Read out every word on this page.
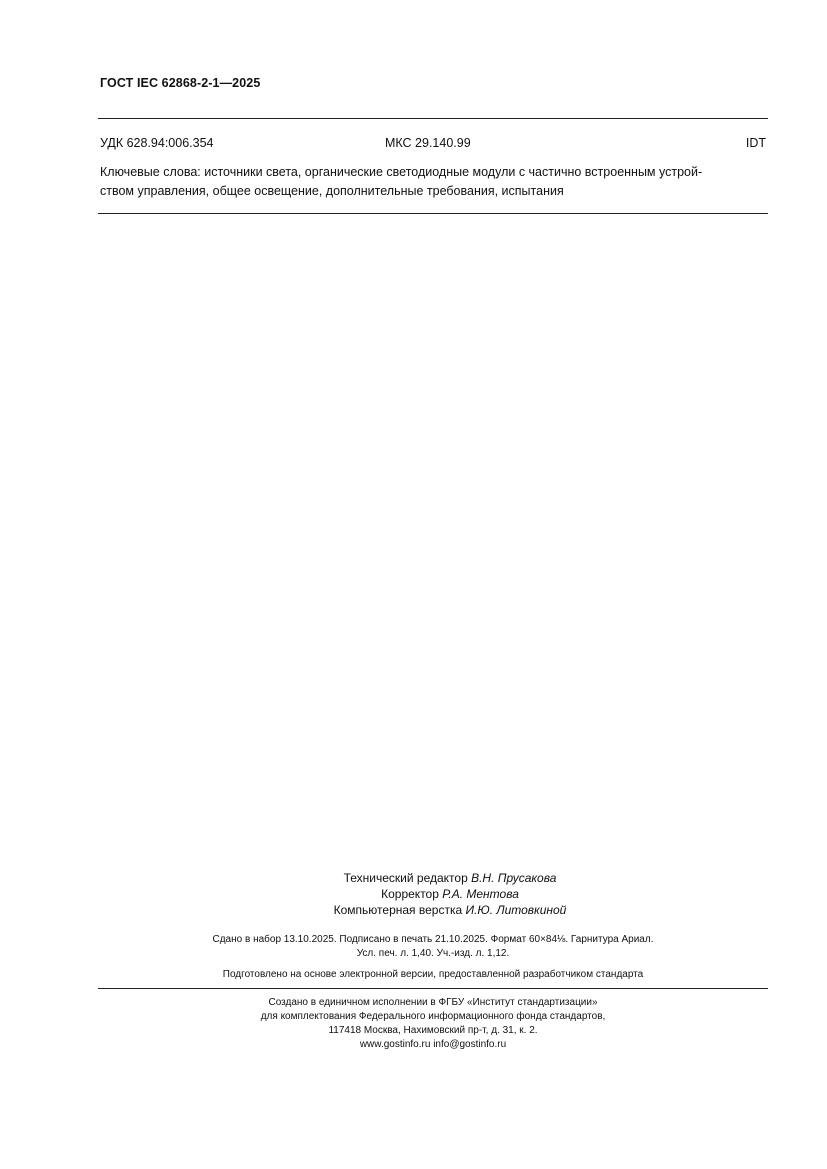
ГОСТ IEC 62868-2-1—2025
УДК 628.94:006.354	МКС 29.140.99	IDT
Ключевые слова: источники света, органические светодиодные модули с частично встроенным устрой-
ством управления, общее освещение, дополнительные требования, испытания
Технический редактор В.Н. Прусакова
Корректор Р.А. Ментова
Компьютерная верстка И.Ю. Литовкиной
Сдано в набор 13.10.2025. Подписано в печать 21.10.2025. Формат 60×84⅛. Гарнитура Ариал.
Усл. печ. л. 1,40. Уч.-изд. л. 1,12.
Подготовлено на основе электронной версии, предоставленной разработчиком стандарта
Создано в единичном исполнении в ФГБУ «Институт стандартизации»
для комплектования Федерального информационного фонда стандартов,
117418 Москва, Нахимовский пр-т, д. 31, к. 2.
www.gostinfo.ru info@gostinfo.ru
